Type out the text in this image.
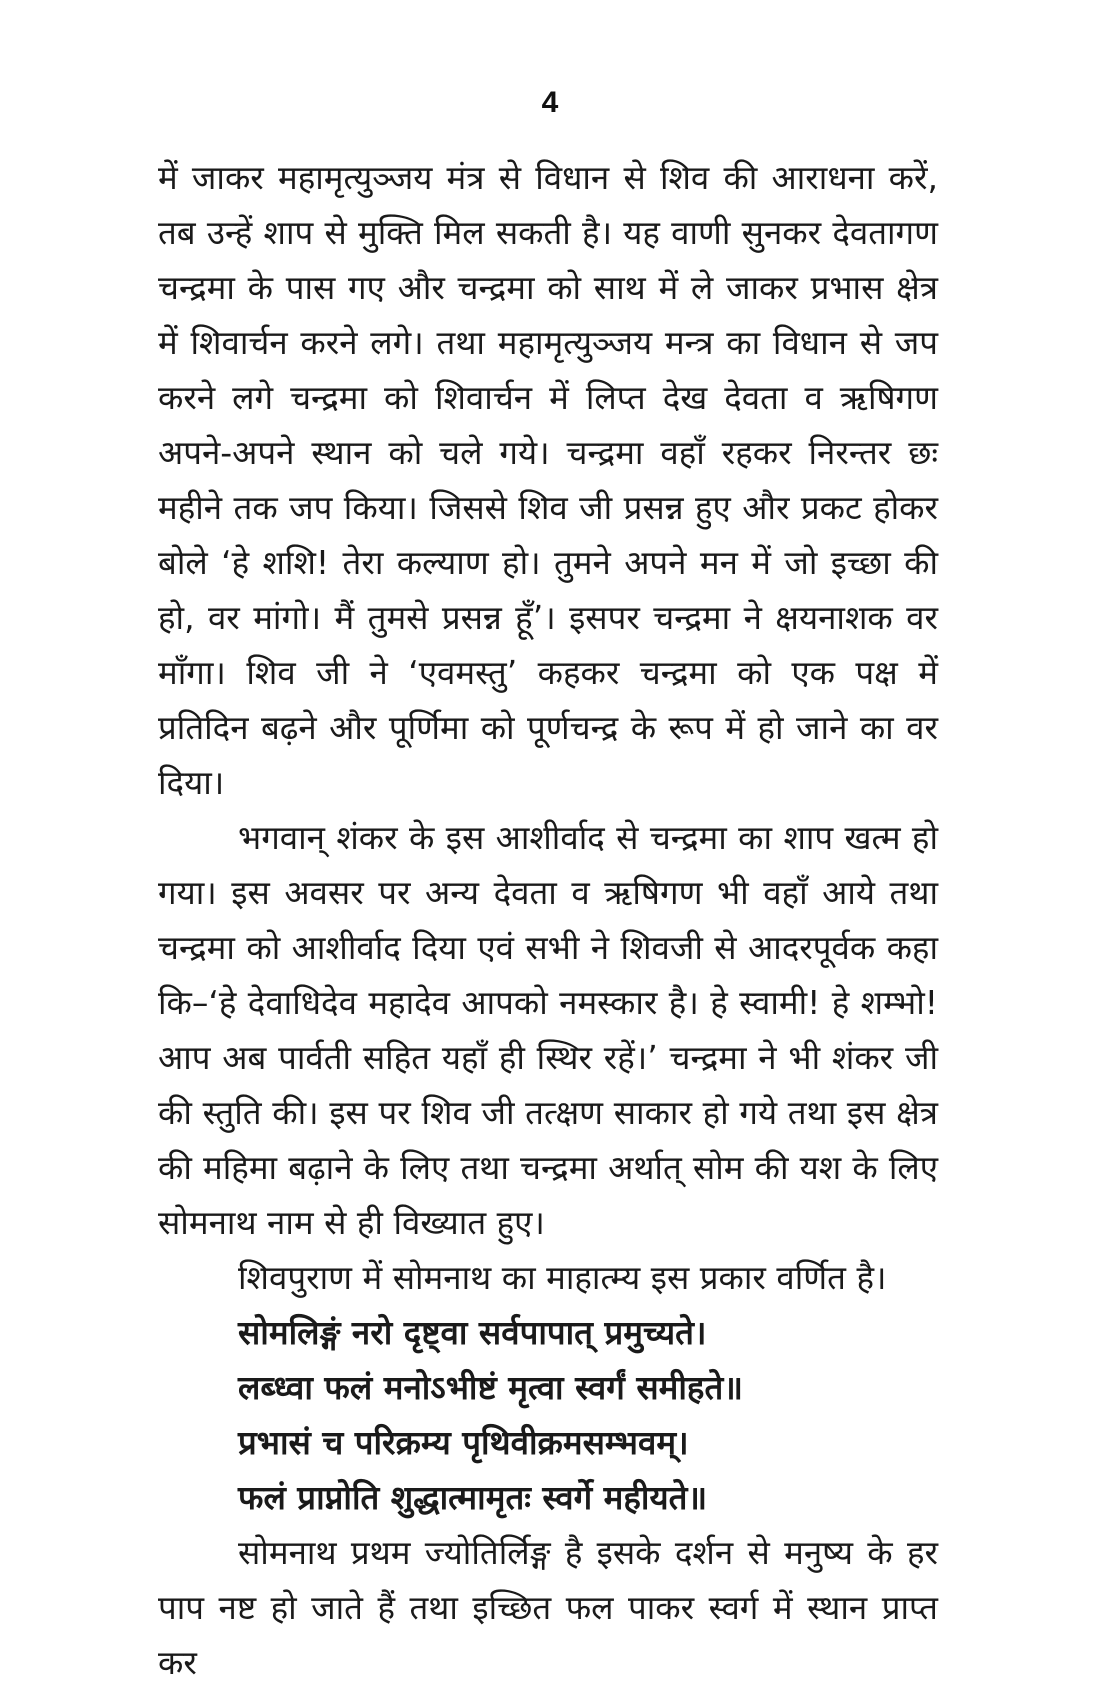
4

में जाकर महामृत्युञ्जय मंत्र से विधान से शिव की आराधना करें, तब उन्हें शाप से मुक्ति मिल सकती है। यह वाणी सुनकर देवतागण चन्द्रमा के पास गए और चन्द्रमा को साथ में ले जाकर प्रभास क्षेत्र में शिवार्चन करने लगे। तथा महामृत्युञ्जय मन्त्र का विधान से जप करने लगे चन्द्रमा को शिवार्चन में लिप्त देख देवता व ऋषिगण अपने-अपने स्थान को चले गये। चन्द्रमा वहाँ रहकर निरन्तर छः महीने तक जप किया। जिससे शिव जी प्रसन्न हुए और प्रकट होकर बोले ‘हे शशि! तेरा कल्याण हो। तुमने अपने मन में जो इच्छा की हो, वर मांगो। मैं तुमसे प्रसन्न हूँ’। इसपर चन्द्रमा ने क्षयनाशक वर माँगा। शिव जी ने ‘एवमस्तु’ कहकर चन्द्रमा को एक पक्ष में प्रतिदिन बढ़ने और पूर्णिमा को पूर्णचन्द्र के रूप में हो जाने का वर दिया।

भगवान् शंकर के इस आशीर्वाद से चन्द्रमा का शाप खत्म हो गया। इस अवसर पर अन्य देवता व ऋषिगण भी वहाँ आये तथा चन्द्रमा को आशीर्वाद दिया एवं सभी ने शिवजी से आदरपूर्वक कहा कि–‘हे देवाधिदेव महादेव आपको नमस्कार है। हे स्वामी! हे शम्भो! आप अब पार्वती सहित यहाँ ही स्थिर रहें।’ चन्द्रमा ने भी शंकर जी की स्तुति की। इस पर शिव जी तत्क्षण साकार हो गये तथा इस क्षेत्र की महिमा बढ़ाने के लिए तथा चन्द्रमा अर्थात् सोम की यश के लिए सोमनाथ नाम से ही विख्यात हुए।

शिवपुराण में सोमनाथ का माहात्म्य इस प्रकार वर्णित है।

सोमलिङ्गं नरो दृष्ट्वा सर्वपापात् प्रमुच्यते।

लब्ध्वा फलं मनोऽभीष्टं मृत्वा स्वर्गं समीहते॥

प्रभासं च परिक्रम्य पृथिवीक्रमसम्भवम्।

फलं प्राप्नोति शुद्धात्मामृतः स्वर्गे महीयते॥

सोमनाथ प्रथम ज्योतिर्लिङ्ग है इसके दर्शन से मनुष्य के हर पाप नष्ट हो जाते हैं तथा इच्छित फल पाकर स्वर्ग में स्थान प्राप्त कर
